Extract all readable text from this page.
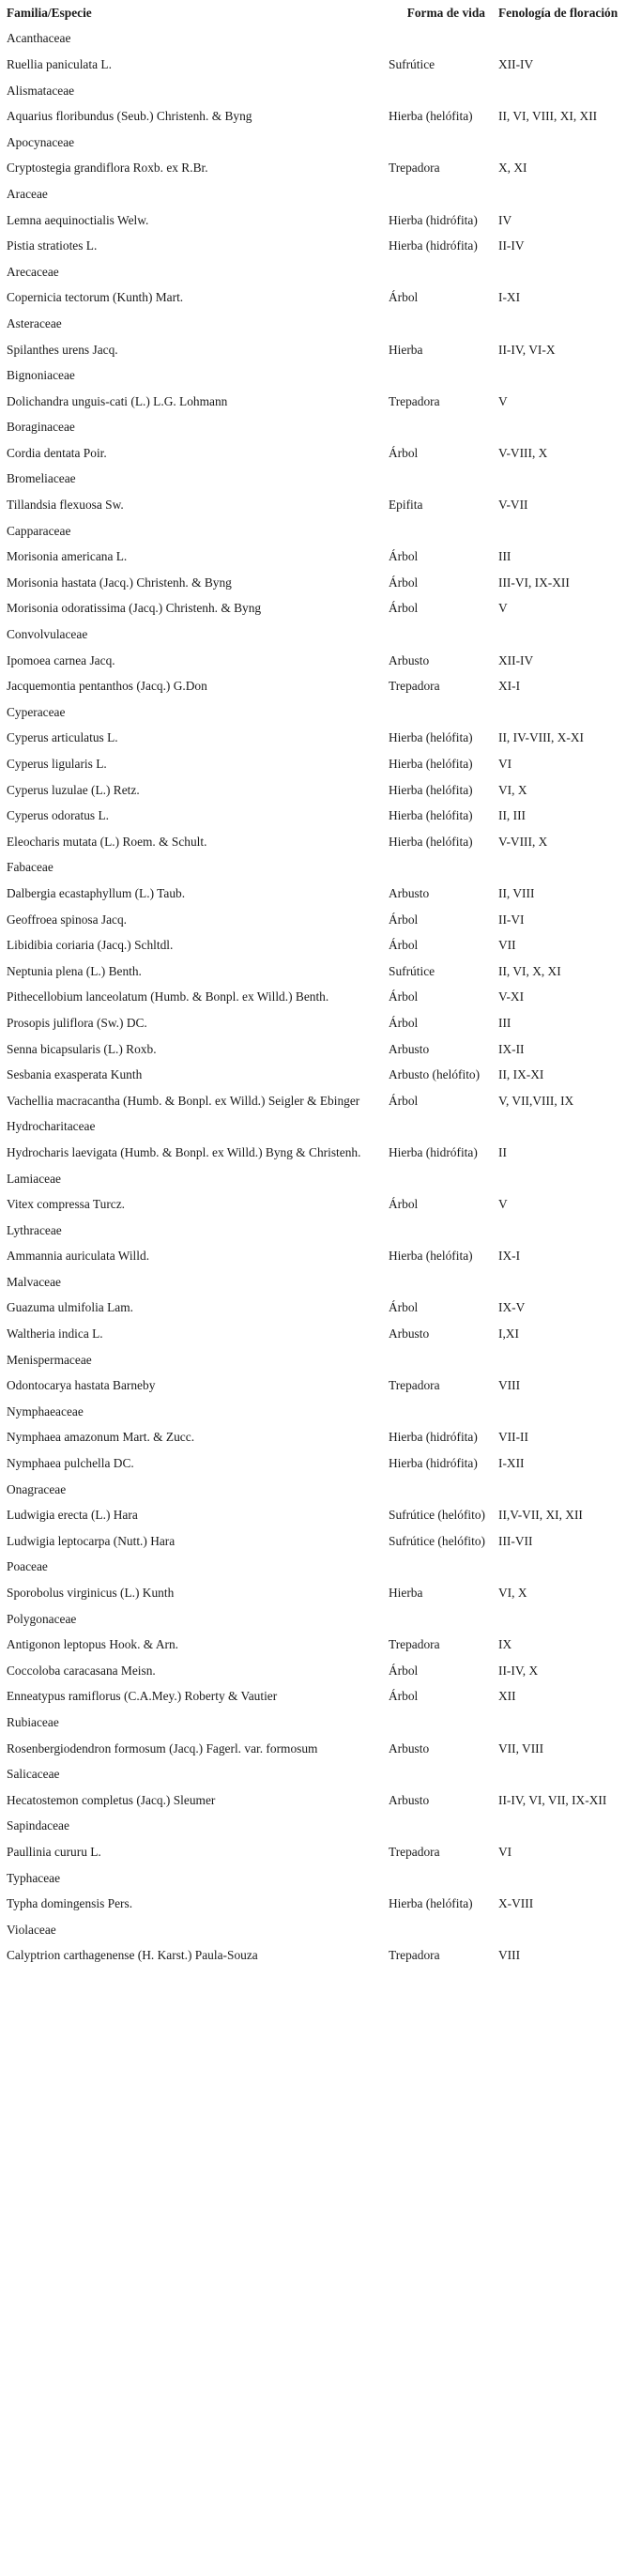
Familia/Especie	Forma de vida	Fenología de floración
Acanthaceae		
Ruellia paniculata L.	Sufrútice	XII-IV
Alismataceae		
Aquarius floribundus (Seub.) Christenh. & Byng	Hierba (helófita)	II, VI, VIII, XI, XII
Apocynaceae		
Cryptostegia grandiflora Roxb. ex R.Br.	Trepadora	X, XI
Araceae		
Lemna aequinoctialis Welw.	Hierba (hidrófita)	IV
Pistia stratiotes L.	Hierba (hidrófita)	II-IV
Arecaceae		
Copernicia tectorum (Kunth) Mart.	Árbol	I-XI
Asteraceae		
Spilanthes urens Jacq.	Hierba	II-IV, VI-X
Bignoniaceae		
Dolichandra unguis-cati (L.) L.G. Lohmann	Trepadora	V
Boraginaceae		
Cordia dentata Poir.	Árbol	V-VIII, X
Bromeliaceae		
Tillandsia flexuosa Sw.	Epifita	V-VII
Capparaceae		
Morisonia americana L.	Árbol	III
Morisonia hastata (Jacq.) Christenh. & Byng	Árbol	III-VI, IX-XII
Morisonia odoratissima (Jacq.) Christenh. & Byng	Árbol	V
Convolvulaceae		
Ipomoea carnea Jacq.	Arbusto	XII-IV
Jacquemontia pentanthos (Jacq.) G.Don	Trepadora	XI-I
Cyperaceae		
Cyperus articulatus L.	Hierba (helófita)	II, IV-VIII, X-XI
Cyperus ligularis L.	Hierba (helófita)	VI
Cyperus luzulae (L.) Retz.	Hierba (helófita)	VI, X
Cyperus odoratus L.	Hierba (helófita)	II, III
Eleocharis mutata (L.) Roem. & Schult.	Hierba (helófita)	V-VIII, X
Fabaceae		
Dalbergia ecastaphyllum (L.) Taub.	Arbusto	II, VIII
Geoffroea spinosa Jacq.	Árbol	II-VI
Libidibia coriaria (Jacq.) Schltdl.	Árbol	VII
Neptunia plena (L.) Benth.	Sufrútice	II, VI, X, XI
Pithecellobium lanceolatum (Humb. & Bonpl. ex Willd.) Benth.	Árbol	V-XI
Prosopis juliflora (Sw.) DC.	Árbol	III
Senna bicapsularis (L.) Roxb.	Arbusto	IX-II
Sesbania exasperata Kunth	Arbusto (helófito)	II, IX-XI
Vachellia macracantha (Humb. & Bonpl. ex Willd.) Seigler & Ebinger	Árbol	V, VII,VIII, IX
Hydrocharitaceae		
Hydrocharis laevigata (Humb. & Bonpl. ex Willd.) Byng & Christenh.	Hierba (hidrófita)	II
Lamiaceae		
Vitex compressa Turcz.	Árbol	V
Lythraceae		
Ammannia auriculata Willd.	Hierba (helófita)	IX-I
Malvaceae		
Guazuma ulmifolia Lam.	Árbol	IX-V
Waltheria indica L.	Arbusto	I,XI
Menispermaceae		
Odontocarya hastata Barneby	Trepadora	VIII
Nymphaeaceae		
Nymphaea amazonum Mart. & Zucc.	Hierba (hidrófita)	VII-II
Nymphaea pulchella DC.	Hierba (hidrófita)	I-XII
Onagraceae		
Ludwigia erecta (L.) Hara	Sufrútice (helófito)	II,V-VII, XI, XII
Ludwigia leptocarpa (Nutt.) Hara	Sufrútice (helófito)	III-VII
Poaceae		
Sporobolus virginicus (L.) Kunth	Hierba	VI, X
Polygonaceae		
Antigonon leptopus Hook. & Arn.	Trepadora	IX
Coccoloba caracasana Meisn.	Árbol	II-IV, X
Enneatypus ramiflorus (C.A.Mey.) Roberty & Vautier	Árbol	XII
Rubiaceae		
Rosenbergiodendron formosum (Jacq.) Fagerl. var. formosum	Arbusto	VII, VIII
Salicaceae		
Hecatostemon completus (Jacq.) Sleumer	Arbusto	II-IV, VI, VII, IX-XII
Sapindaceae		
Paullinia cururu L.	Trepadora	VI
Typhaceae		
Typha domingensis Pers.	Hierba (helófita)	X-VIII
Violaceae		
Calyptrion carthagenense (H. Karst.) Paula-Souza	Trepadora	VIII
